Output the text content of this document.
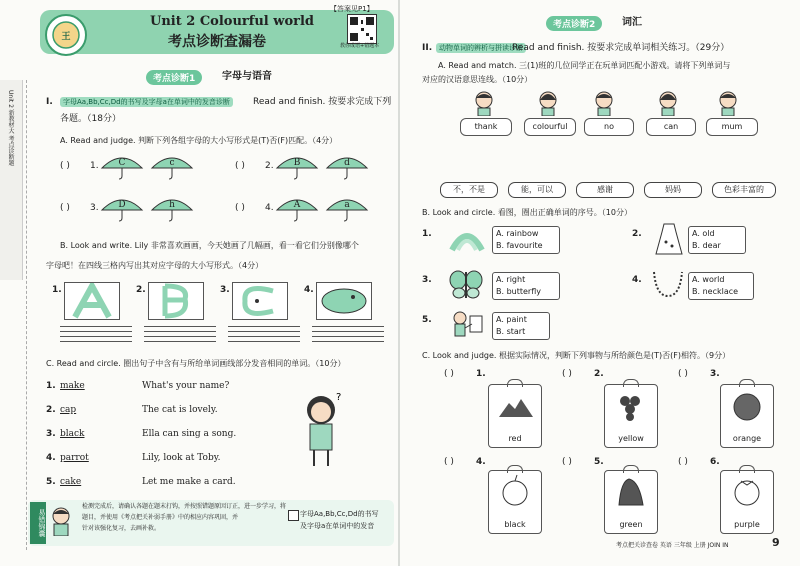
王
【答案见P1】
Unit 2 Colourful world
考点诊断查漏卷	教你成语+错题本
Unit 2 新教材大 考点诊断题
考点诊断1	字母与语音
I.	字母Aa,Bb,Cc,Dd的书写及字母a在单词中的发音诊断	Read and finish. 按要求完成下列
各题。（18分）
A. Read and judge. 判断下列各组字母的大小写形式是(T)否(F)匹配。（4分）
( ) 1.	C	c	( ) 2.	B	d
( ) 3.	D	h	( ) 4.	A	a
B. Look and write. Lily 非常喜欢画画，今天她画了几幅画，看一看它们分别像哪个
字母吧！在四线三格内写出其对应字母的大小写形式。（4分）
1.	2.	3.	4.
C. Read and circle. 圈出句子中含有与所给单词画线部分发音相同的单词。（10分）
1. make	What's your name?
2. cap	The cat is lovely.
3. black	Ella can sing a song.
4. parrot	Lily, look at Toby.
5. cake	Let me make a card.
?
易错锦囊
检测完成后，请确认各题在题末打钩，并按照错题原因订正，进一步学习，将
题目，并使用《考点把关补弱手册》中的相应内容巩固，并
针对该强化复习，去画补救。
字母Aa,Bb,Cc,Dd的书写
及字母a在单词中的发音
考点诊断2	词汇
II. 动物单词的辨析与拼读诊断
Read and finish. 按要求完成单词相关练习。（29分）
A. Read and match. 三(1)班的几位同学正在玩单词匹配小游戏。请将下列单词与
对应的汉语意思连线。（10分）
thank	colourful	no	can	mum
不，不是	能，可以	感谢	妈妈	色彩丰富的
B. Look and circle. 看图，圈出正确单词的序号。（10分）
1.	A. rainbow
B. favourite
2.	A. old
B. dear
3.	A. right
B. butterfly
4.	A. world
B. necklace
5.	A. paint
B. start
C. Look and judge. 根据实际情况，判断下列事物与所给颜色是(T)否(F)相符。（9分）
( ) 1.
red
( ) 2.
yellow
( ) 3.
orange
( ) 4.
black
( ) 5.
green
( ) 6.
purple
考点把关诊查卷 英语 三年级 上册 JOIN IN	9
